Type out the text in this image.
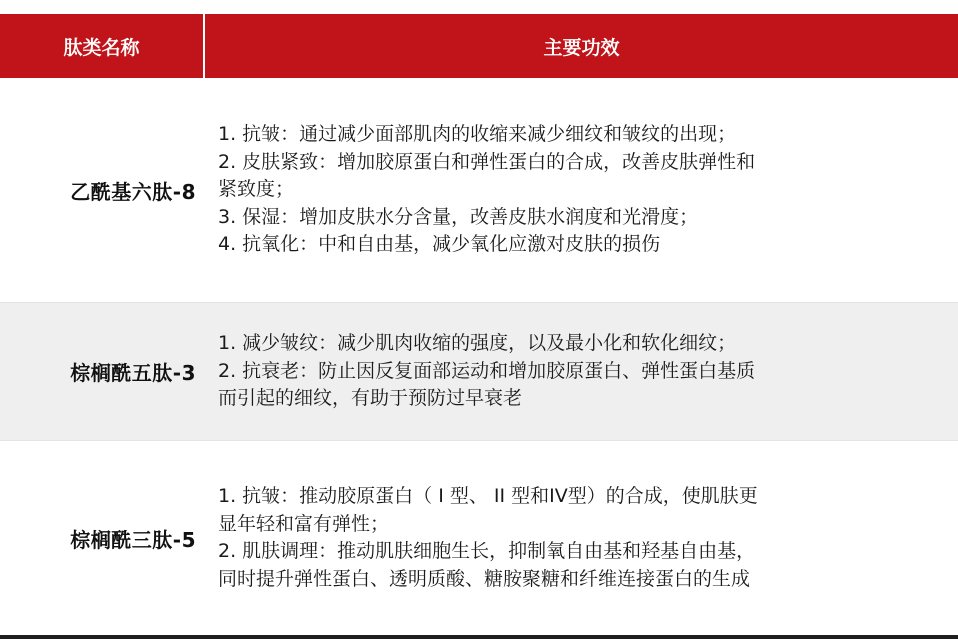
肽类名称	主要功效
乙酰基六肽-8	1. 抗皱：通过减少面部肌肉的收缩来减少细纹和皱纹的出现；
2. 皮肤紧致：增加胶原蛋白和弹性蛋白的合成，改善皮肤弹性和
紧致度；
3. 保湿：增加皮肤水分含量，改善皮肤水润度和光滑度；
4. 抗氧化：中和自由基，减少氧化应激对皮肤的损伤

棕榈酰五肽-3	1. 减少皱纹：减少肌肉收缩的强度，以及最小化和软化细纹；
2. 抗衰老：防止因反复面部运动和增加胶原蛋白、弹性蛋白基质
而引起的细纹，有助于预防过早衰老

棕榈酰三肽-5	1. 抗皱：推动胶原蛋白（ I 型、 II 型和IV型）的合成，使肌肤更
显年轻和富有弹性；
2. 肌肤调理：推动肌肤细胞生长，抑制氧自由基和羟基自由基，
同时提升弹性蛋白、透明质酸、糖胺聚糖和纤维连接蛋白的生成
